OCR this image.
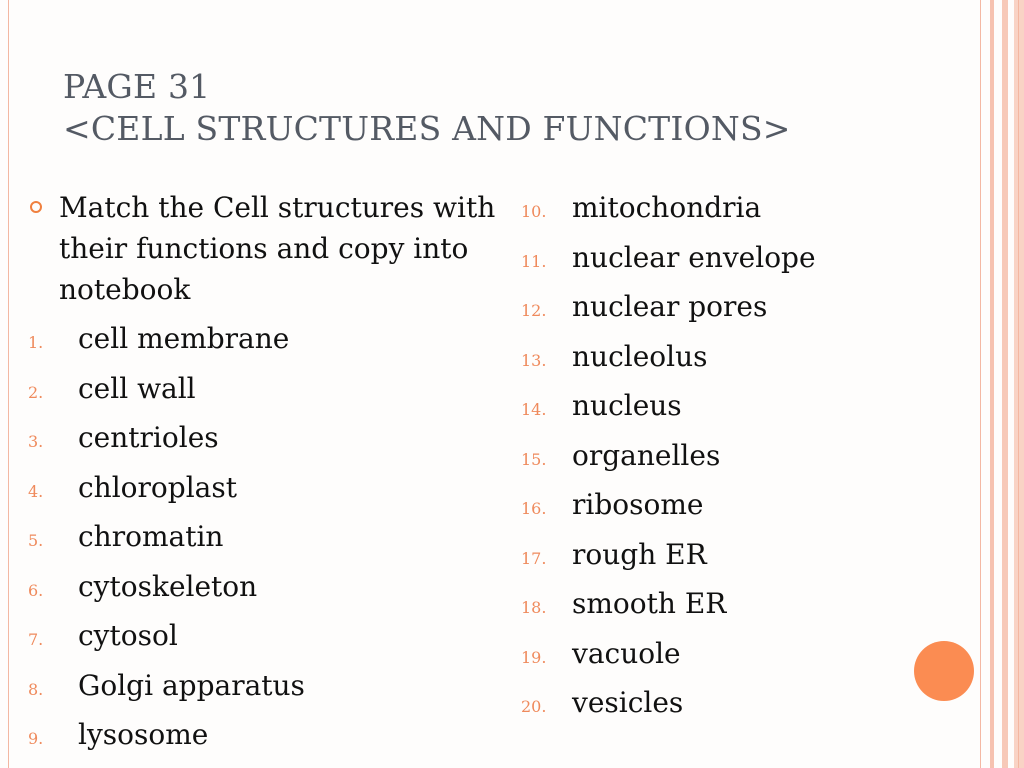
PAGE 31
<CELL STRUCTURES AND FUNCTIONS>
Match the Cell structures with their functions and copy into notebook
1. cell membrane
2. cell wall
3. centrioles
4. chloroplast
5. chromatin
6. cytoskeleton
7. cytosol
8. Golgi apparatus
9. lysosome
10. mitochondria
11. nuclear envelope
12. nuclear pores
13. nucleolus
14. nucleus
15. organelles
16. ribosome
17. rough ER
18. smooth ER
19. vacuole
20. vesicles
